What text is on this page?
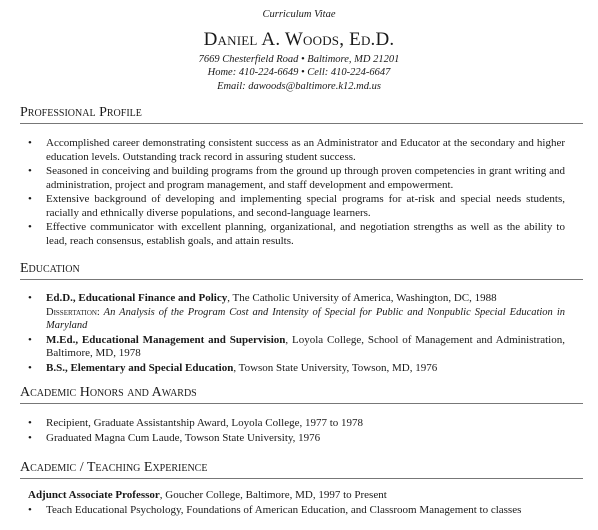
Curriculum Vitae
Daniel A. Woods, Ed.D.
7669 Chesterfield Road • Baltimore, MD 21201
Home: 410-224-6649 • Cell: 410-224-6647
Email: dawoods@baltimore.k12.md.us
Professional Profile
• Accomplished career demonstrating consistent success as an Administrator and Educator at the secondary and higher education levels. Outstanding track record in assuring student success.
• Seasoned in conceiving and building programs from the ground up through proven competencies in grant writing and administration, project and program management, and staff development and empowerment.
• Extensive background of developing and implementing special programs for at-risk and special needs students, racially and ethnically diverse populations, and second-language learners.
• Effective communicator with excellent planning, organizational, and negotiation strengths as well as the ability to lead, reach consensus, establish goals, and attain results.
Education
• Ed.D., Educational Finance and Policy, The Catholic University of America, Washington, DC, 1988
Dissertation: An Analysis of the Program Cost and Intensity of Special for Public and Nonpublic Special Education in Maryland
• M.Ed., Educational Management and Supervision, Loyola College, School of Management and Administration, Baltimore, MD, 1978
• B.S., Elementary and Special Education, Towson State University, Towson, MD, 1976
Academic Honors and Awards
• Recipient, Graduate Assistantship Award, Loyola College, 1977 to 1978
• Graduated Magna Cum Laude, Towson State University, 1976
Academic / Teaching Experience
Adjunct Associate Professor, Goucher College, Baltimore, MD, 1997 to Present
• Teach Educational Psychology, Foundations of American Education, and Classroom Management to classes
